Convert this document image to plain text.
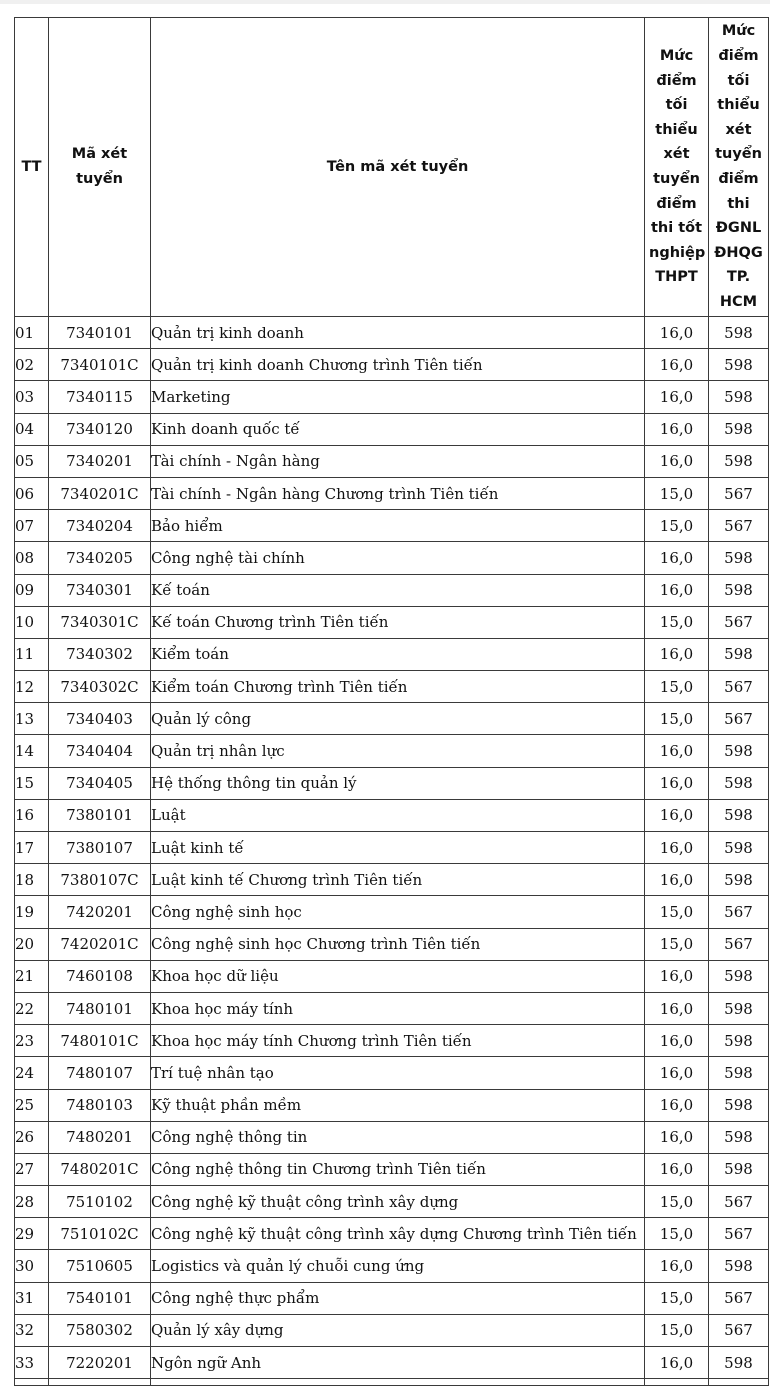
TT	Mã xét tuyển	Tên mã xét tuyển	Mức điểm tối thiểu xét tuyển điểm thi tốt nghiệp THPT	Mức điểm tối thiểu xét tuyển điểm thi ĐGNL ĐHQG TP. HCM

01	7340101	Quản trị kinh doanh	16,0	598
02	7340101C	Quản trị kinh doanh Chương trình Tiên tiến	16,0	598
03	7340115	Marketing	16,0	598
04	7340120	Kinh doanh quốc tế	16,0	598
05	7340201	Tài chính - Ngân hàng	16,0	598
06	7340201C	Tài chính - Ngân hàng Chương trình Tiên tiến	15,0	567
07	7340204	Bảo hiểm	15,0	567
08	7340205	Công nghệ tài chính	16,0	598
09	7340301	Kế toán	16,0	598
10	7340301C	Kế toán Chương trình Tiên tiến	15,0	567
11	7340302	Kiểm toán	16,0	598
12	7340302C	Kiểm toán Chương trình Tiên tiến	15,0	567
13	7340403	Quản lý công	15,0	567
14	7340404	Quản trị nhân lực	16,0	598
15	7340405	Hệ thống thông tin quản lý	16,0	598
16	7380101	Luật	16,0	598
17	7380107	Luật kinh tế	16,0	598
18	7380107C	Luật kinh tế Chương trình Tiên tiến	16,0	598
19	7420201	Công nghệ sinh học	15,0	567
20	7420201C	Công nghệ sinh học Chương trình Tiên tiến	15,0	567
21	7460108	Khoa học dữ liệu	16,0	598
22	7480101	Khoa học máy tính	16,0	598
23	7480101C	Khoa học máy tính Chương trình Tiên tiến	16,0	598
24	7480107	Trí tuệ nhân tạo	16,0	598
25	7480103	Kỹ thuật phần mềm	16,0	598
26	7480201	Công nghệ thông tin	16,0	598
27	7480201C	Công nghệ thông tin Chương trình Tiên tiến	16,0	598
28	7510102	Công nghệ kỹ thuật công trình xây dựng	15,0	567
29	7510102C	Công nghệ kỹ thuật công trình xây dựng Chương trình Tiên tiến	15,0	567
30	7510605	Logistics và quản lý chuỗi cung ứng	16,0	598
31	7540101	Công nghệ thực phẩm	15,0	567
32	7580302	Quản lý xây dựng	15,0	567
33	7220201	Ngôn ngữ Anh	16,0	598
